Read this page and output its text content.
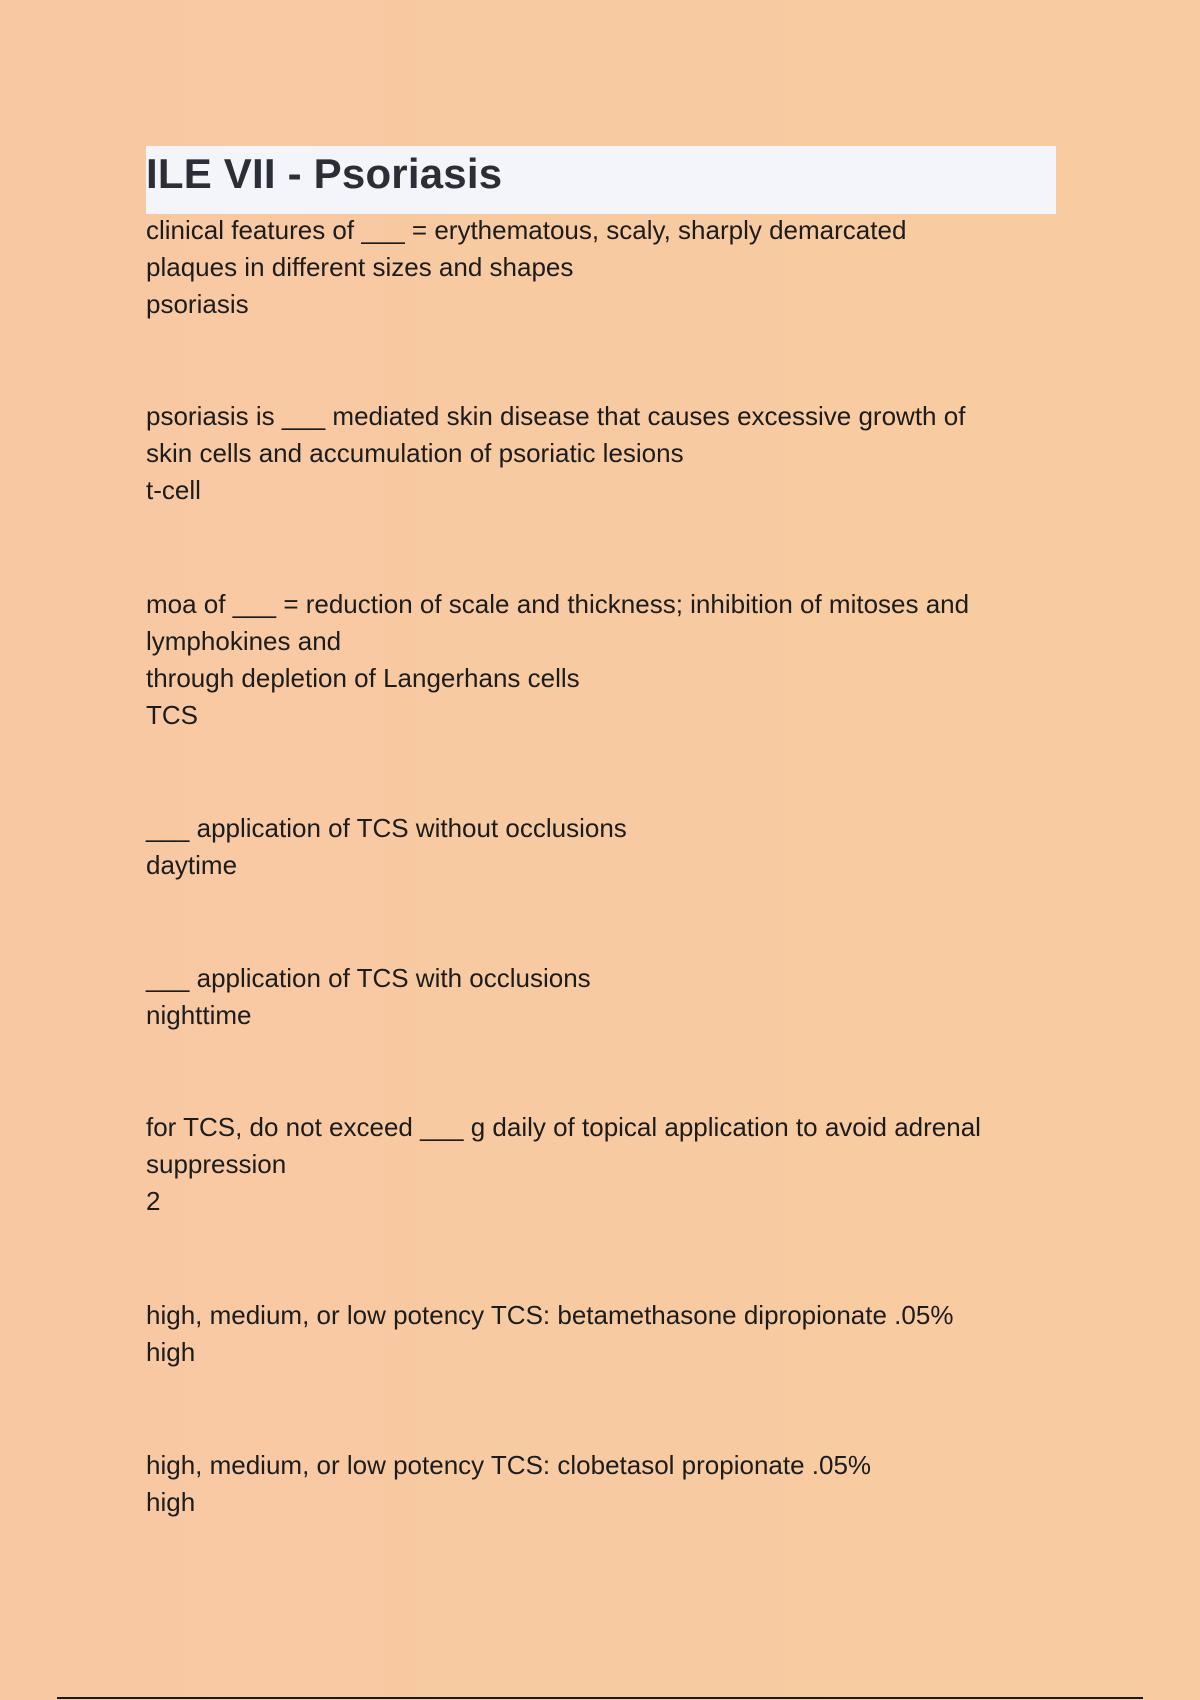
ILE VII - Psoriasis
clinical features of ___ = erythematous, scaly, sharply demarcated
plaques in different sizes and shapes
psoriasis
psoriasis is ___ mediated skin disease that causes excessive growth of
skin cells and accumulation of psoriatic lesions
t-cell
moa of ___ = reduction of scale and thickness; inhibition of mitoses and
lymphokines and
through depletion of Langerhans cells
TCS
___ application of TCS without occlusions
daytime
___ application of TCS with occlusions
nighttime
for TCS, do not exceed ___ g daily of topical application to avoid adrenal
suppression
2
high, medium, or low potency TCS: betamethasone dipropionate .05%
high
high, medium, or low potency TCS: clobetasol propionate .05%
high
